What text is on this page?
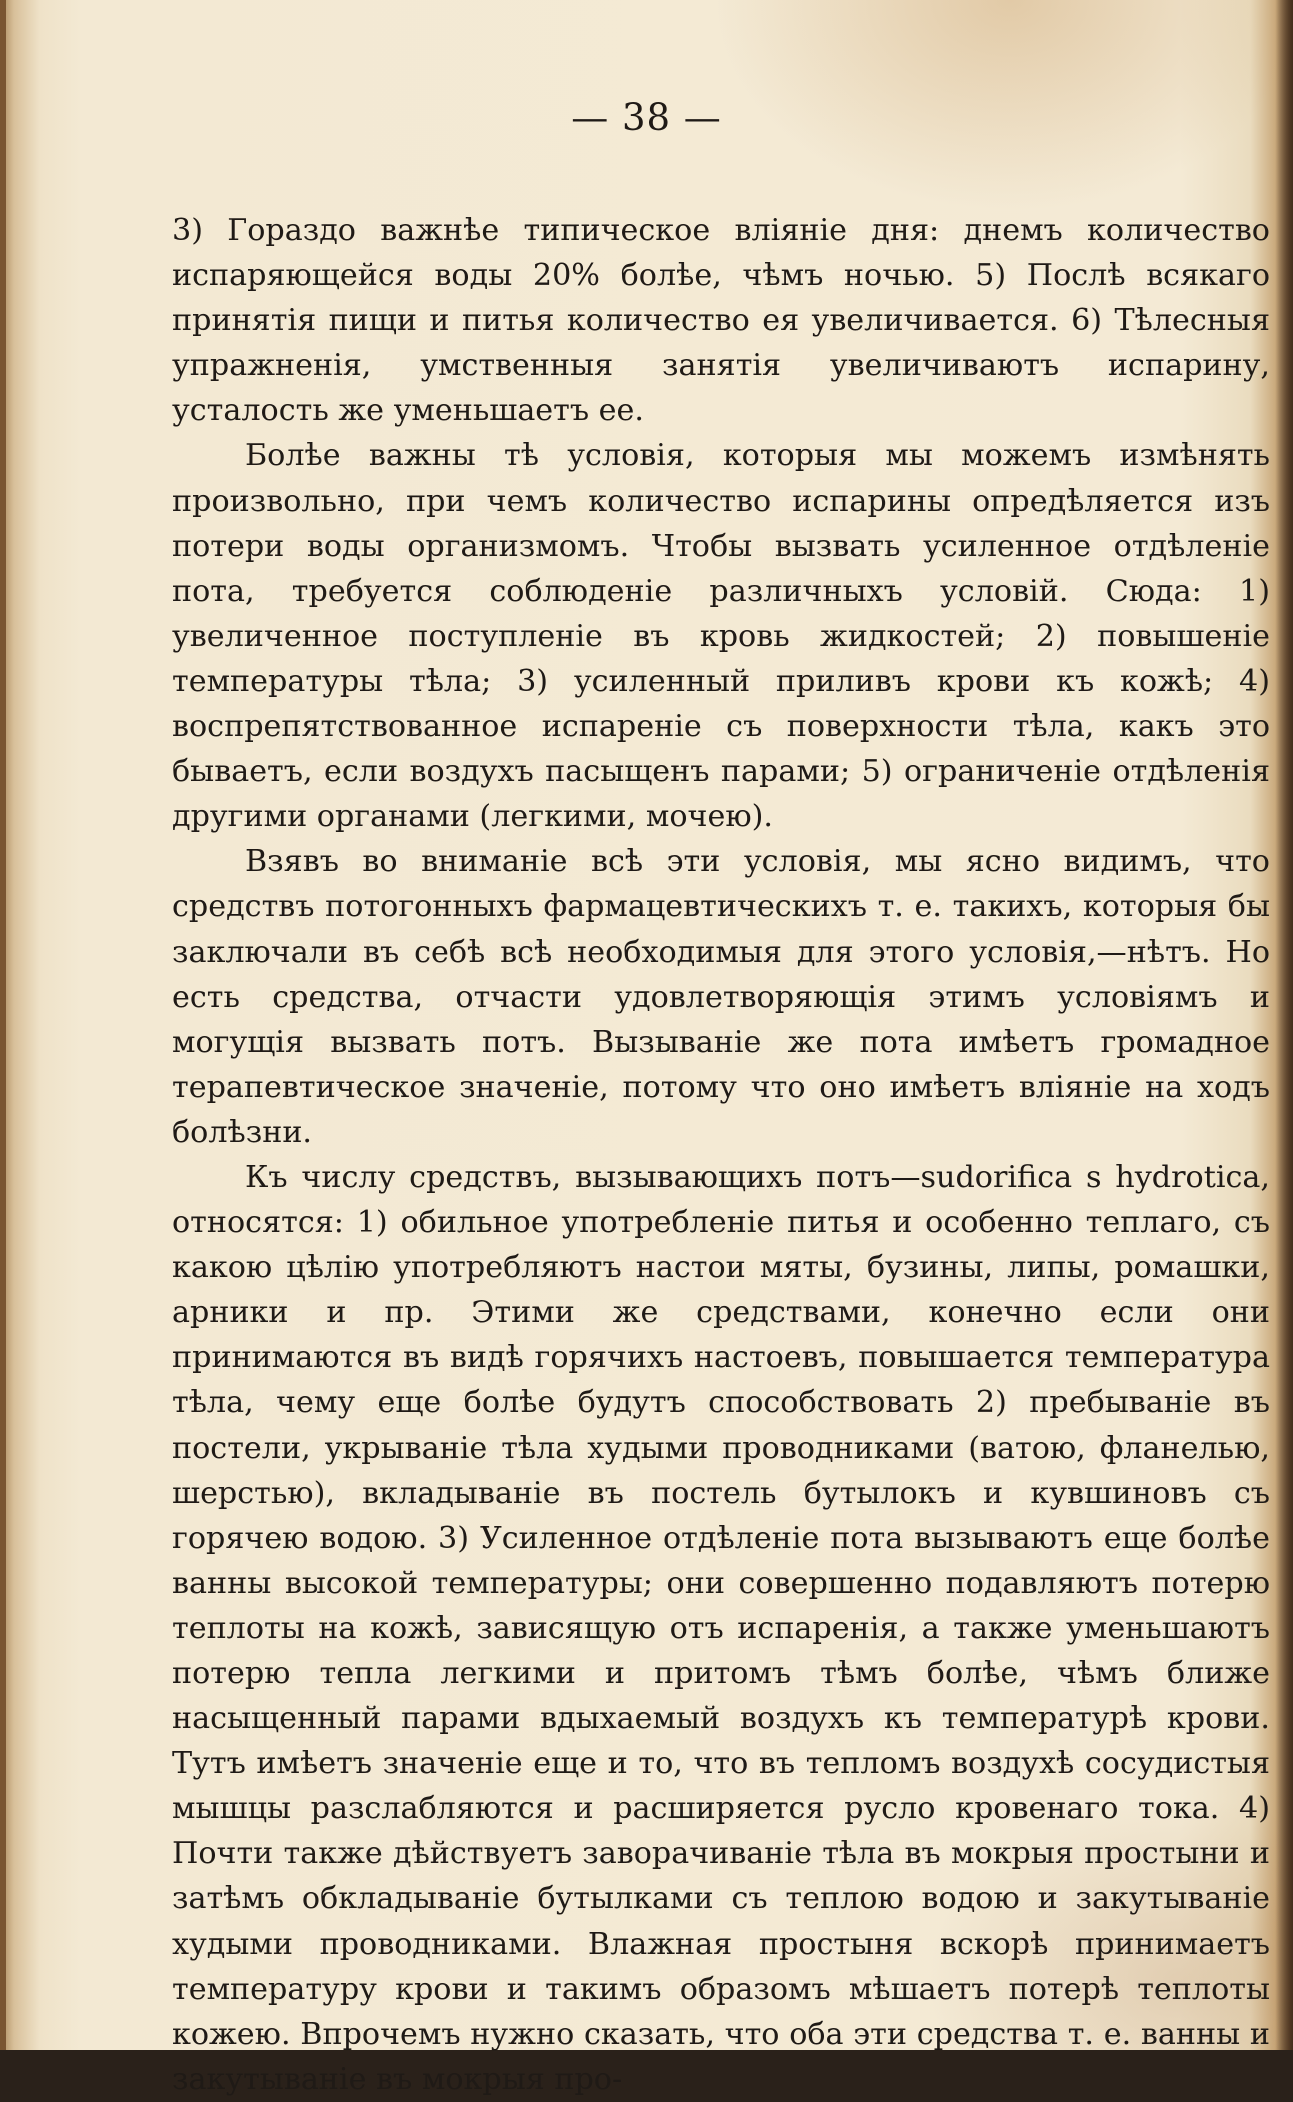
— 38 —

3) Гораздо важнѣе типическое вліяніе дня: днемъ количество испаряющейся воды 20% болѣе, чѣмъ ночью. 5) Послѣ всякаго принятія пищи и питья количество ея увеличивается. 6) Тѣлесныя упражненія, умственныя занятія увеличиваютъ испарину, усталость же уменьшаетъ ее.

Болѣе важны тѣ условія, которыя мы можемъ измѣнять произвольно, при чемъ количество испарины опредѣляется изъ потери воды организмомъ. Чтобы вызвать усиленное отдѣленіе пота, требуется соблюденіе различныхъ условій. Сюда: 1) увеличенное поступленіе въ кровь жидкостей; 2) повышеніе температуры тѣла; 3) усиленный приливъ крови къ кожѣ; 4) воспрепятствованное испареніе съ поверхности тѣла, какъ это бываетъ, если воздухъ пасыщенъ парами; 5) ограниченіе отдѣленія другими органами (легкими, мочею).

Взявъ во вниманіе всѣ эти условія, мы ясно видимъ, что средствъ потогонныхъ фармацевтическихъ т. е. такихъ, которыя бы заключали въ себѣ всѣ необходимыя для этого условія,—нѣтъ. Но есть средства, отчасти удовлетворяющія этимъ условіямъ и могущія вызвать потъ. Вызываніе же пота имѣетъ громадное терапевтическое значеніе, потому что оно имѣетъ вліяніе на ходъ болѣзни.

Къ числу средствъ, вызывающихъ потъ—sudorifica s hydrotica, относятся: 1) обильное употребленіе питья и особенно теплаго, съ какою цѣлію употребляютъ настои мяты, бузины, липы, ромашки, арники и пр. Этими же средствами, конечно если они принимаются въ видѣ горячихъ настоевъ, повышается температура тѣла, чему еще болѣе будутъ способствовать 2) пребываніе въ постели, укрываніе тѣла худыми проводниками (ватою, фланелью, шерстью), вкладываніе въ постель бутылокъ и кувшиновъ съ горячею водою. 3) Усиленное отдѣленіе пота вызываютъ еще болѣе ванны высокой температуры; они совершенно подавляютъ потерю теплоты на кожѣ, зависящую отъ испаренія, а также уменьшаютъ потерю тепла легкими и притомъ тѣмъ болѣе, чѣмъ ближе насыщенный парами вдыхаемый воздухъ къ температурѣ крови. Тутъ имѣетъ значеніе еще и то, что въ тепломъ воздухѣ сосудистыя мышцы разслабляются и расширяется русло кровенаго тока. 4) Почти также дѣйствуетъ заворачиваніе тѣла въ мокрыя простыни и затѣмъ обкладываніе бутылками съ теплою водою и закутываніе худыми проводниками. Влажная простыня вскорѣ принимаетъ температуру крови и такимъ образомъ мѣшаетъ потерѣ теплоты кожею. Впрочемъ нужно сказать, что оба эти средства т. е. ванны и закутываніе въ мокрыя про-
